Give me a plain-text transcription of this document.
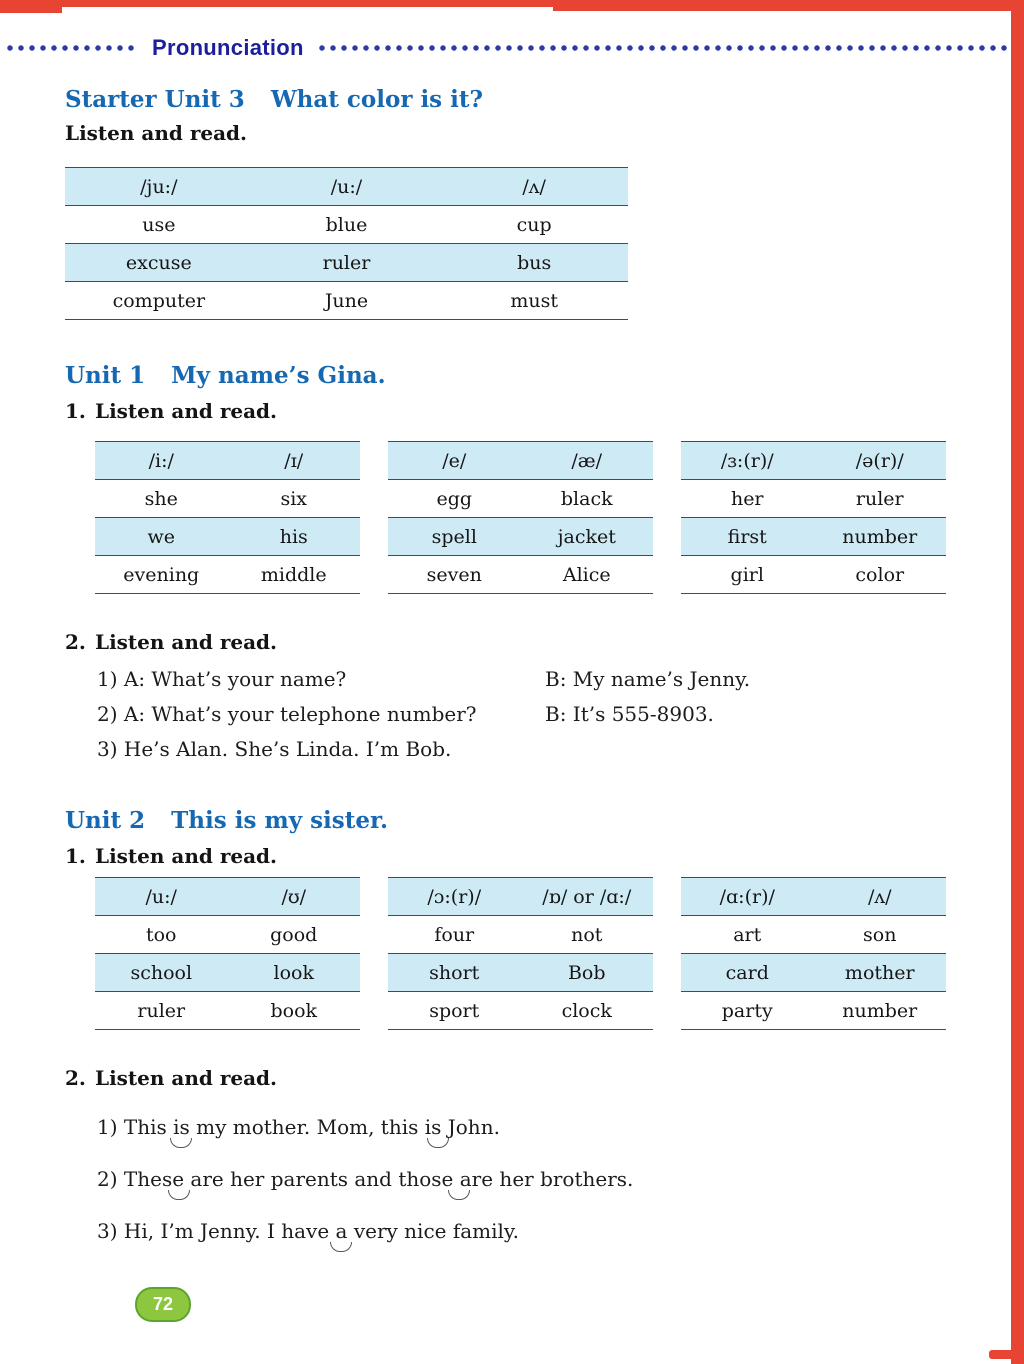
Pronunciation
Starter Unit 3 What color is it?

Listen and read.

/ju:/	/u:/	/ʌ/
use	blue	cup
excuse	ruler	bus
computer	June	must
Unit 1 My name’s Gina.
1. Listen and read.
/i:/	/ɪ/
she	six
we	his
evening	middle
/e/	/æ/
egg	black
spell	jacket
seven	Alice
/ɜ:(r)/	/ə(r)/
her	ruler
first	number
girl	color
2. Listen and read.
1) A: What’s your name?	B: My name’s Jenny.
2) A: What’s your telephone number?	B: It’s 555-8903.
3) He’s Alan. She’s Linda. I’m Bob.
Unit 2 This is my sister.
1. Listen and read.
/u:/	/ʊ/
too	good
school	look
ruler	book
/ɔ:(r)/	/ɒ/ or /ɑ:/
four	not
short	Bob
sport	clock
/ɑ:(r)/	/ʌ/
art	son
card	mother
party	number
2. Listen and read.
1) This is my mother. Mom, this is John.
2) These are her parents and those are her brothers.
3) Hi, I’m Jenny. I have a very nice family.
72
